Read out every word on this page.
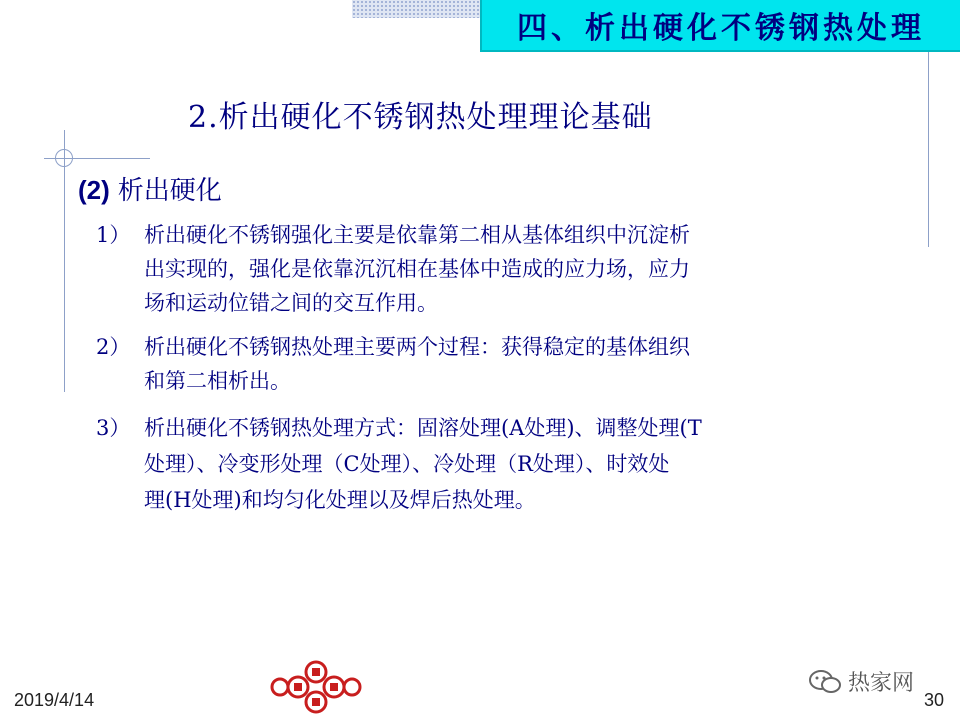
四、析出硬化不锈钢热处理
2.析出硬化不锈钢热处理理论基础
(2) 析出硬化
1） 析出硬化不锈钢强化主要是依靠第二相从基体组织中沉淀析
出实现的，强化是依靠沉沉相在基体中造成的应力场，应力
场和运动位错之间的交互作用。
2） 析出硬化不锈钢热处理主要两个过程：获得稳定的基体组织
和第二相析出。
3） 析出硬化不锈钢热处理方式：固溶处理(A处理)、调整处理(T
处理）、冷变形处理（C处理）、冷处理（R处理）、时效处
理(H处理)和均匀化处理以及焊后热处理。
热家网
2019/4/14	30
